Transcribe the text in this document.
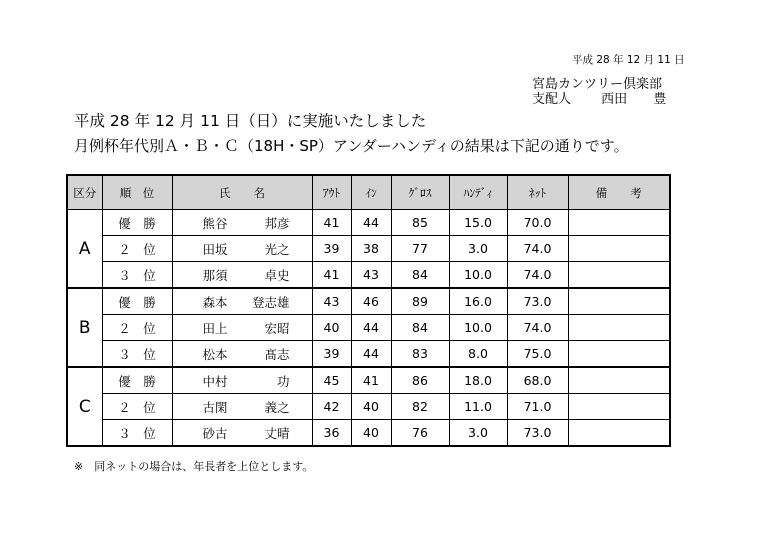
平成 28 年 12 月 11 日
宮島カンツリー倶楽部
支配人 西田 豊
平成 28 年 12 月 11 日（日）に実施いたしました
月例杯年代別Ａ・Ｂ・Ｃ（18H・SP）アンダーハンディの結果は下記の通りです。
区分	順　位	氏　　名	ｱｳﾄ	ｲﾝ	ｸﾞﾛｽ	ﾊﾝﾃﾞｨ	ﾈｯﾄ	備　　考
A	優　勝	熊谷 邦彦	41	44	85	15.0	70.0	
	２　位	田坂 光之	39	38	77	3.0	74.0	
	３　位	那須 卓史	41	43	84	10.0	74.0	
B	優　勝	森本 登志雄	43	46	89	16.0	73.0	
	２　位	田上 宏昭	40	44	84	10.0	74.0	
	３　位	松本 髙志	39	44	83	8.0	75.0	
C	優　勝	中村 功	45	41	86	18.0	68.0	
	２　位	古閑 義之	42	40	82	11.0	71.0	
	３　位	砂古 丈晴	36	40	76	3.0	73.0	
※　同ネットの場合は、年長者を上位とします。
